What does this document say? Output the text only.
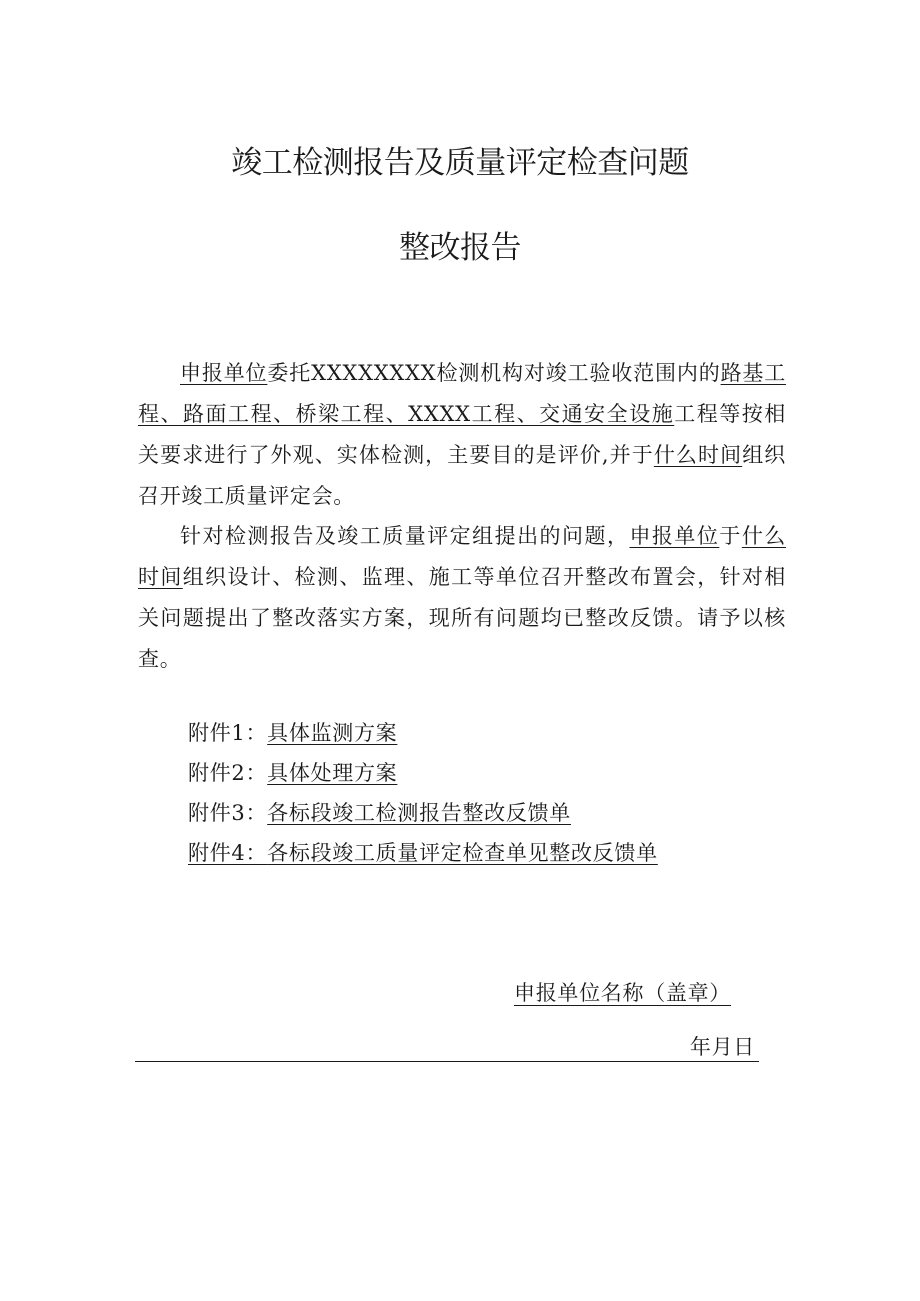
竣工检测报告及质量评定检查问题
整改报告

申报单位委托XXXXXXXX检测机构对竣工验收范围内的路基工程、路面工程、桥梁工程、XXXX工程、交通安全设施工程等按相关要求进行了外观、实体检测，主要目的是评价,并于什么时间组织召开竣工质量评定会。

针对检测报告及竣工质量评定组提出的问题，申报单位于什么时间组织设计、检测、监理、施工等单位召开整改布置会，针对相关问题提出了整改落实方案，现所有问题均已整改反馈。请予以核查。

附件1：具体监测方案
附件2：具体处理方案
附件3：各标段竣工检测报告整改反馈单
附件4：各标段竣工质量评定检查单见整改反馈单
申报单位名称（盖章）
年月日
